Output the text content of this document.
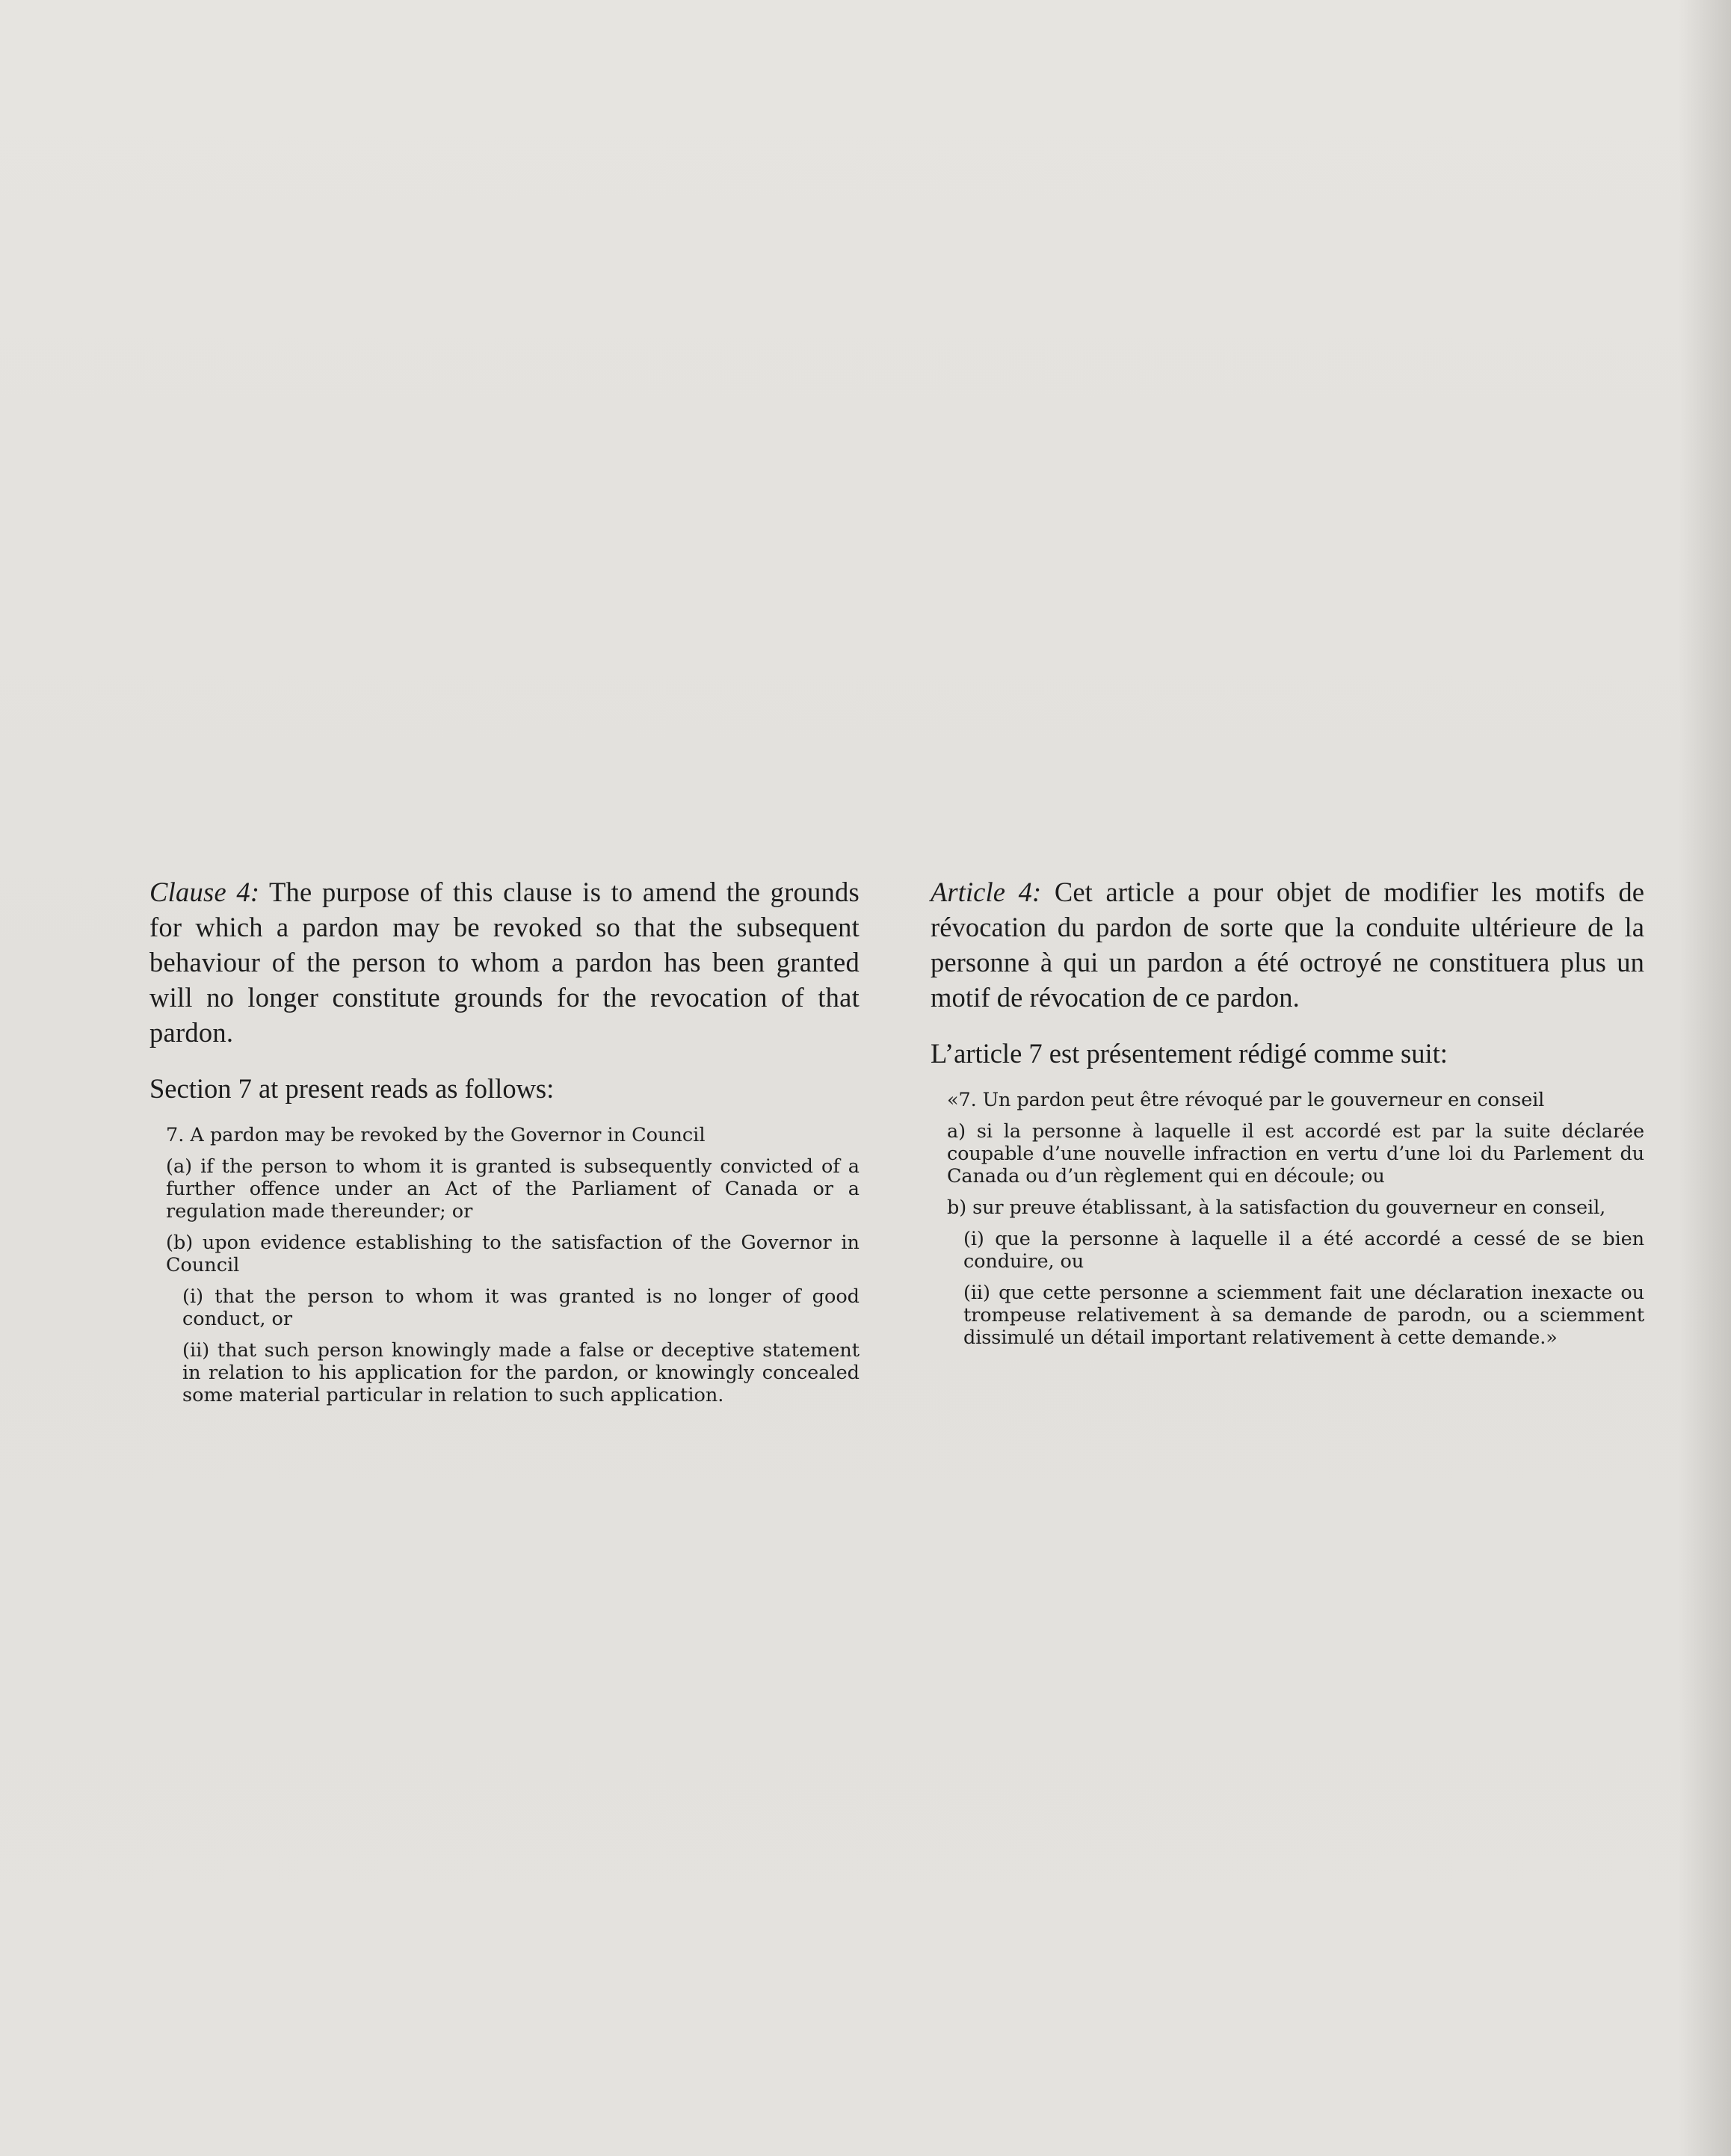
Clause 4: The purpose of this clause is to amend the grounds for which a pardon may be revoked so that the subsequent behaviour of the person to whom a pardon has been granted will no longer constitute grounds for the revocation of that pardon.

Section 7 at present reads as follows:

7. A pardon may be revoked by the Governor in Council

(a) if the person to whom it is granted is subsequently convicted of a further offence under an Act of the Parliament of Canada or a regulation made thereunder; or

(b) upon evidence establishing to the satisfaction of the Governor in Council

(i) that the person to whom it was granted is no longer of good conduct, or

(ii) that such person knowingly made a false or deceptive statement in relation to his application for the pardon, or knowingly concealed some material particular in relation to such application.

Article 4: Cet article a pour objet de modifier les motifs de révocation du pardon de sorte que la conduite ultérieure de la personne à qui un pardon a été octroyé ne constituera plus un motif de révocation de ce pardon.

L’article 7 est présentement rédigé comme suit:

«7. Un pardon peut être révoqué par le gouverneur en conseil

a) si la personne à laquelle il est accordé est par la suite déclarée coupable d’une nouvelle infraction en vertu d’une loi du Parlement du Canada ou d’un règlement qui en découle; ou

b) sur preuve établissant, à la satisfaction du gouverneur en conseil,

(i) que la personne à laquelle il a été accordé a cessé de se bien conduire, ou

(ii) que cette personne a sciemment fait une déclaration inexacte ou trompeuse relativement à sa demande de parodn, ou a sciemment dissimulé un détail important relativement à cette demande.»
